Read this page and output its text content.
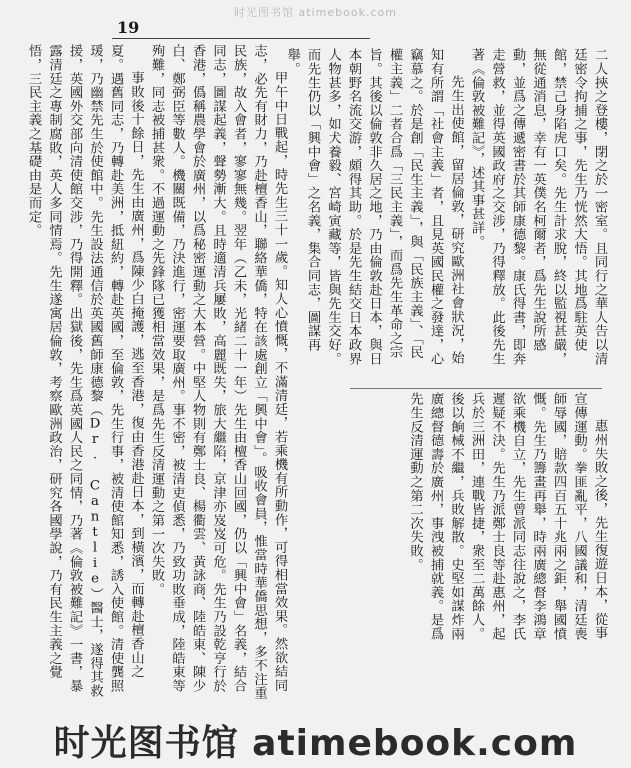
时光图书馆 atimebook.com
19

甲午中日戰起，時先生三十一歲。知人心憤慨，不滿清廷，若乘機有所動作，可得相當效果。然欲結同志，必先有財力，乃赴檀香山，聯絡華僑，特在該處創立「興中會」。吸收會員，惟當時華僑思想，多不注重民族，故入會者，寥寥無幾。翌年（乙未，光緒二十一年）先生由檀香山回國，仍以「興中會」名義，結合同志，圖謀起義，聲勢漸大。且時適清兵屢敗，高麗既失，旅大繼陷，京津亦岌岌可危。先生乃設乾亨行於香港，僞稱農學會於廣州，以爲秘密運動之大本營。中堅人物則有鄭士良、楊衢雲、黃詠商、陸皓東、陳少白、鄭弼臣等數人。機關既備，乃決進行，密運要取廣州。事不密，被清吏偵悉，乃致功敗垂成，陸皓東等殉難，同志被捕甚衆。不過運動之先鋒隊已獲相當效果，是爲先生反清運動之第一次失敗。

事敗後十餘日，先生由廣州，爲陳少白掩護，逃至香港，復由香港赴日本，到橫濱，而轉赴檀香山之夏。遇舊同志，乃轉赴美洲，抵紐約，轉赴英國，至倫敦，先生行事，被清使館知悉，誘入使館。清使龔照瑗，乃幽禁先生於使館中。先生設法通信於英國舊師康德黎（Dr. Cantlie）醫士，遂得其救援，英國外交部向清使館交涉，乃得開釋。出獄後，先生爲英國人民之同情，乃著《倫敦被難記》一書，暴露清廷之專制腐敗，英人多同情焉。先生遂寓居倫敦，考察歐洲政治，研究各國學說，乃有民生主義之覺悟，三民主義之基礎由是而定。	二人挾之登樓，閉之於一密室。且同行之華人告以清廷密令拘捕之事，先生乃恍然大悟。其地爲駐英使館，禁己身陷虎口矣。先生計求脫，終以監視甚嚴，無從通消息，幸有一英僕名柯爾者，爲先生說所感動，並爲之傳遞密書於其師康德黎。康氏得書，即奔走營救，並得英國政府之交涉，乃得釋放。此後先生著《倫敦被難記》，述其事甚詳。

先生出使館，留居倫敦，研究歐洲社會狀況，始知有所謂「社會主義」者，且見英國民權之發達，心竊慕之。於是創「民生主義」，與「民族主義」、「民權主義」二者合爲「三民主義」，而爲先生革命之宗旨。其後以倫敦非久居之地，乃由倫敦赴日本，與日本朝野名流交游，頗得其助。於是先生結交日本政界人物甚多，如犬養毅、宮崎寅藏等，皆與先生交好。而先生仍以「興中會」之名義，集合同志，圖謀再舉。

惠州失敗之後，先生復遊日本，從事宣傳運動。拳匪亂平，八國議和，清廷喪師辱國，賠款四百五十兆兩之鉅，舉國憤慨。先生乃籌畫再舉，時兩廣總督李鴻章欲乘機自立，先生曾派同志往說之，李氏遲疑不決。先生乃派鄭士良等赴惠州，起兵於三洲田，連戰皆捷，衆至二萬餘人。後以餉械不繼，兵敗解散。史堅如謀炸兩廣總督德壽於廣州，事洩被捕就義。是爲先生反清運動之第二次失敗。

时光图书馆 atimebook.com
